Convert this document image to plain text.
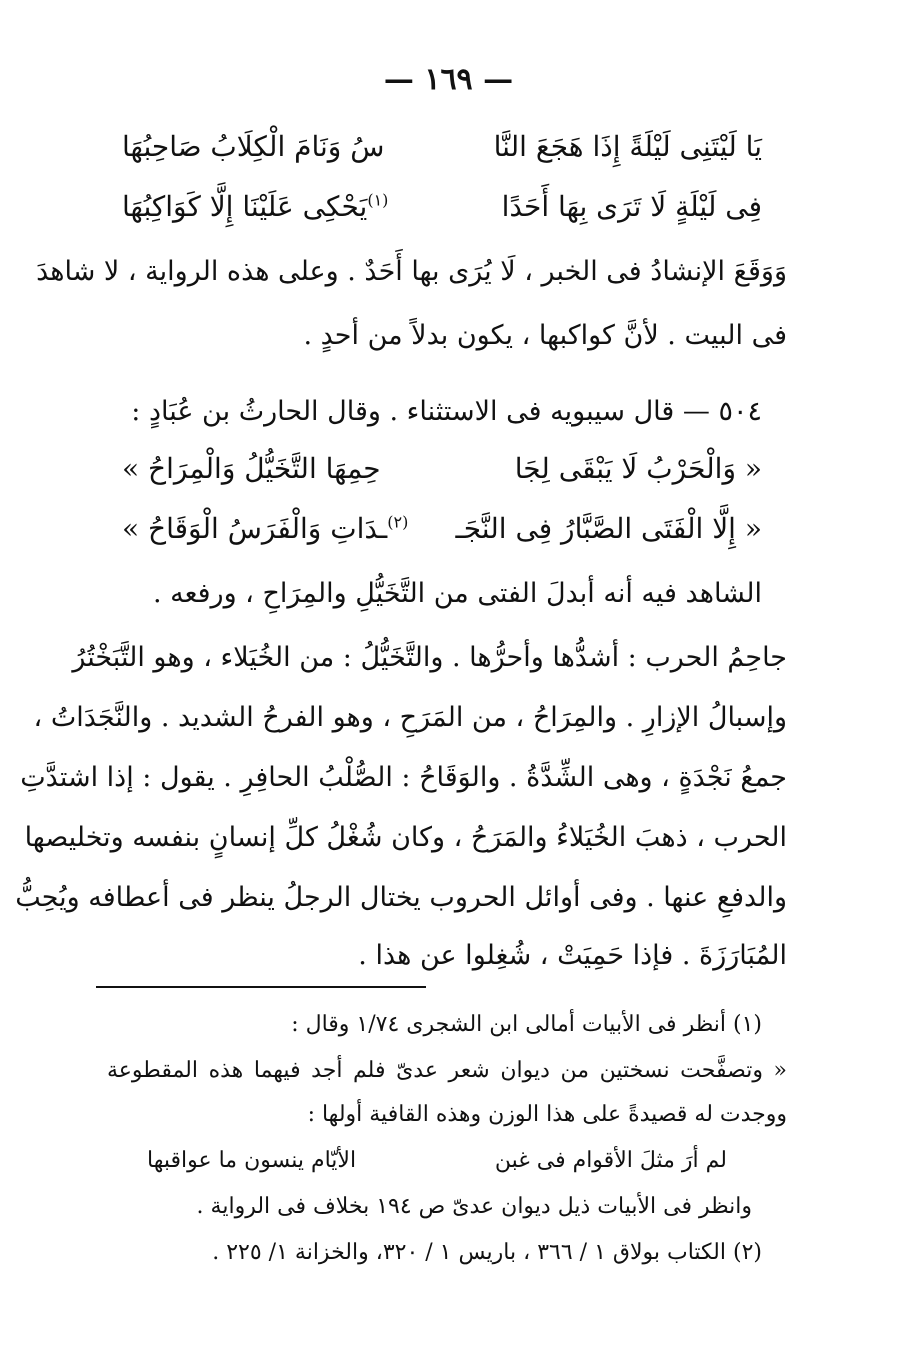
— ١٦٩ —
يَا لَيْتَنِى لَيْلَةً إِذَا هَجَعَ النَّا
سُ وَنَامَ الْكِلَابُ صَاحِبُهَا
فِى لَيْلَةٍ لَا تَرَى بِهَا أَحَدًا
$^{(١)}$يَحْكِى عَلَيْنَا إِلَّا كَوَاكِبُهَا
وَوَقَعَ الإنشادُ فى الخبر ، لَا يُرَى بها أَحَدٌ . وعلى هذه الرواية ، لا شاهدَ
فى البيت . لأنَّ كواكبها ، يكون بدلاً من أحدٍ .
٥٠٤ — قال سيبويه فى الاستثناء . وقال الحارثُ بن عُبَادٍ :
« وَالْحَرْبُ لَا يَبْقَى لِجَا
حِمِهَا التَّخَيُّلُ وَالْمِرَاحُ »
« إِلَّا الْفَتَى الصَّبَّارُ فِى النَّجَـ
$^{(٢)}$ـدَاتِ وَالْفَرَسُ الْوَقَاحُ »
الشاهد فيه أنه أبدلَ الفتى من التَّخَيُّلِ والمِرَاحِ ، ورفعه .
جاحِمُ الحرب : أشدُّها وأحرُّها . والتَّخَيُّلُ : من الخُيَلاء ، وهو التَّبَخْتُرُ
وإسبالُ الإزارِ . والمِرَاحُ ، من المَرَحِ ، وهو الفرحُ الشديد . والنَّجَدَاتُ ،
جمعُ نَجْدَةٍ ، وهى الشِّدَّةُ . والوَقَاحُ : الصُّلْبُ الحافِرِ . يقول : إذا اشتدَّتِ
الحرب ، ذهبَ الخُيَلاءُ والمَرَحُ ، وكان شُغْلُ كلِّ إنسانٍ بنفسه وتخليصها
والدفعِ عنها . وفى أوائل الحروب يختال الرجلُ ينظر فى أعطافه ويُحِبُّ
المُبَارَزَةَ . فإذا حَمِيَتْ ، شُغِلوا عن هذا .
(١) أنظر فى الأبيات أمالى ابن الشجرى ١/٧٤ وقال :
« وتصفَّحت نسختين من ديوان شعر عدىّ فلم أجد فيهما هذه المقطوعة
ووجدت له قصيدةً على هذا الوزن وهذه القافية أولها :
لم أرَ مثلَ الأقوام فى غبن
الأيّام ينسون ما عواقبها
وانظر فى الأبيات ذيل ديوان عدىّ ص ١٩٤ بخلاف فى الرواية .
(٢) الكتاب بولاق ١ / ٣٦٦ ، باريس ١ / ٣٢٠، والخزانة ١/ ٢٢٥ .
